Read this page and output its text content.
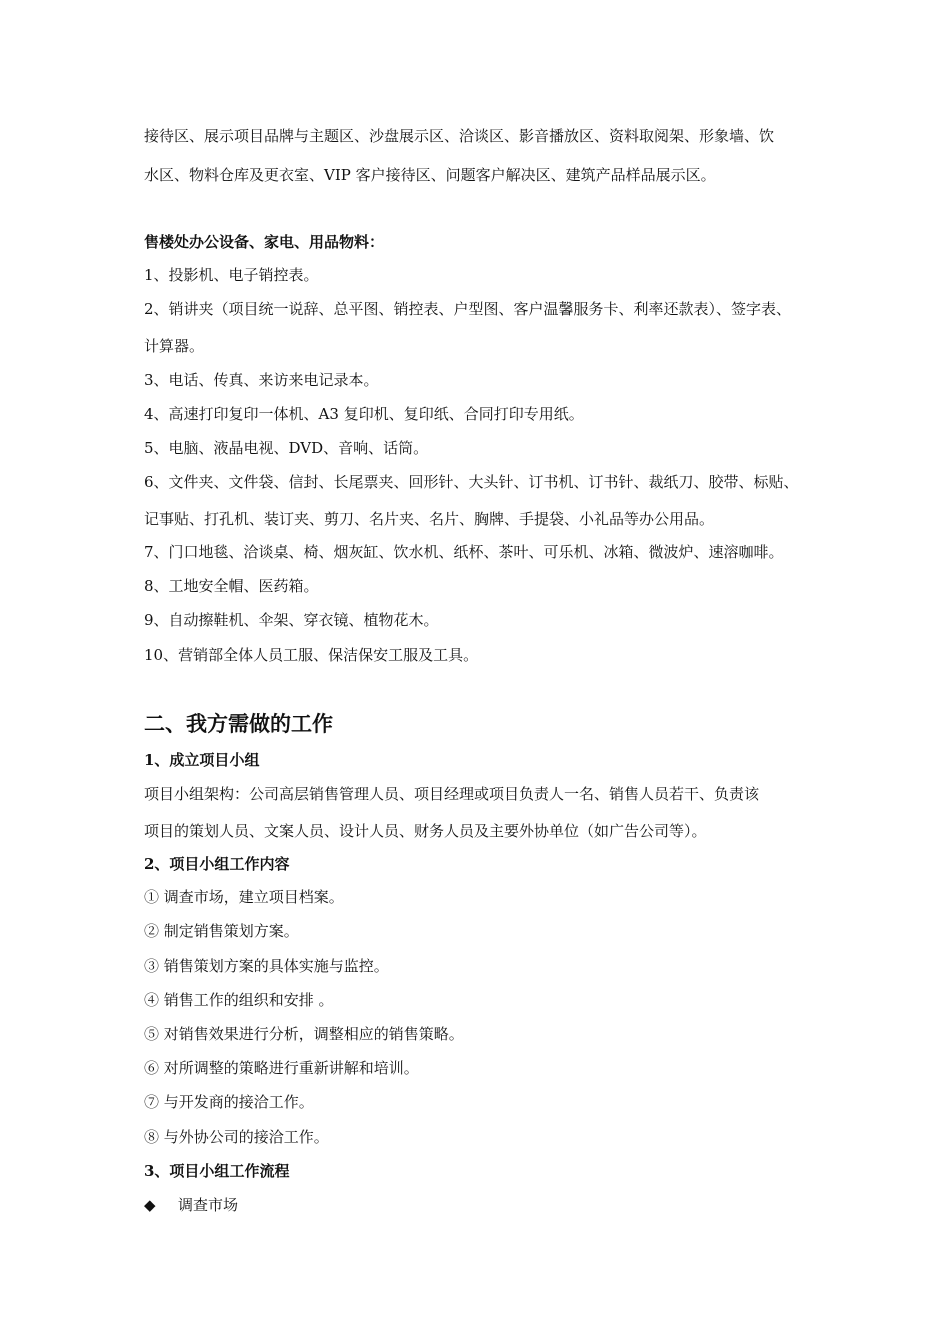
接待区、展示项目品牌与主题区、沙盘展示区、洽谈区、影音播放区、资料取阅架、形象墙、饮
水区、物料仓库及更衣室、VIP 客户接待区、问题客户解决区、建筑产品样品展示区。
售楼处办公设备、家电、用品物料：
1、投影机、电子销控表。
2、销讲夹（项目统一说辞、总平图、销控表、户型图、客户温馨服务卡、利率还款表）、签字表、
计算器。
3、电话、传真、来访来电记录本。
4、高速打印复印一体机、A3 复印机、复印纸、合同打印专用纸。
5、电脑、液晶电视、DVD、音响、话筒。
6、文件夹、文件袋、信封、长尾票夹、回形针、大头针、订书机、订书针、裁纸刀、胶带、标贴、
记事贴、打孔机、装订夹、剪刀、名片夹、名片、胸牌、手提袋、小礼品等办公用品。
7、门口地毯、洽谈桌、椅、烟灰缸、饮水机、纸杯、茶叶、可乐机、冰箱、微波炉、速溶咖啡。
8、工地安全帽、医药箱。
9、自动擦鞋机、伞架、穿衣镜、植物花木。
10、营销部全体人员工服、保洁保安工服及工具。
二、我方需做的工作
1、成立项目小组
项目小组架构：公司高层销售管理人员、项目经理或项目负责人一名、销售人员若干、负责该
项目的策划人员、文案人员、设计人员、财务人员及主要外协单位（如广告公司等）。
2、项目小组工作内容
① 调查市场，建立项目档案。
② 制定销售策划方案。
③ 销售策划方案的具体实施与监控。
④ 销售工作的组织和安排 。
⑤ 对销售效果进行分析，调整相应的销售策略。
⑥ 对所调整的策略进行重新讲解和培训。
⑦ 与开发商的接洽工作。
⑧ 与外协公司的接洽工作。
3、项目小组工作流程
◆ 调查市场
